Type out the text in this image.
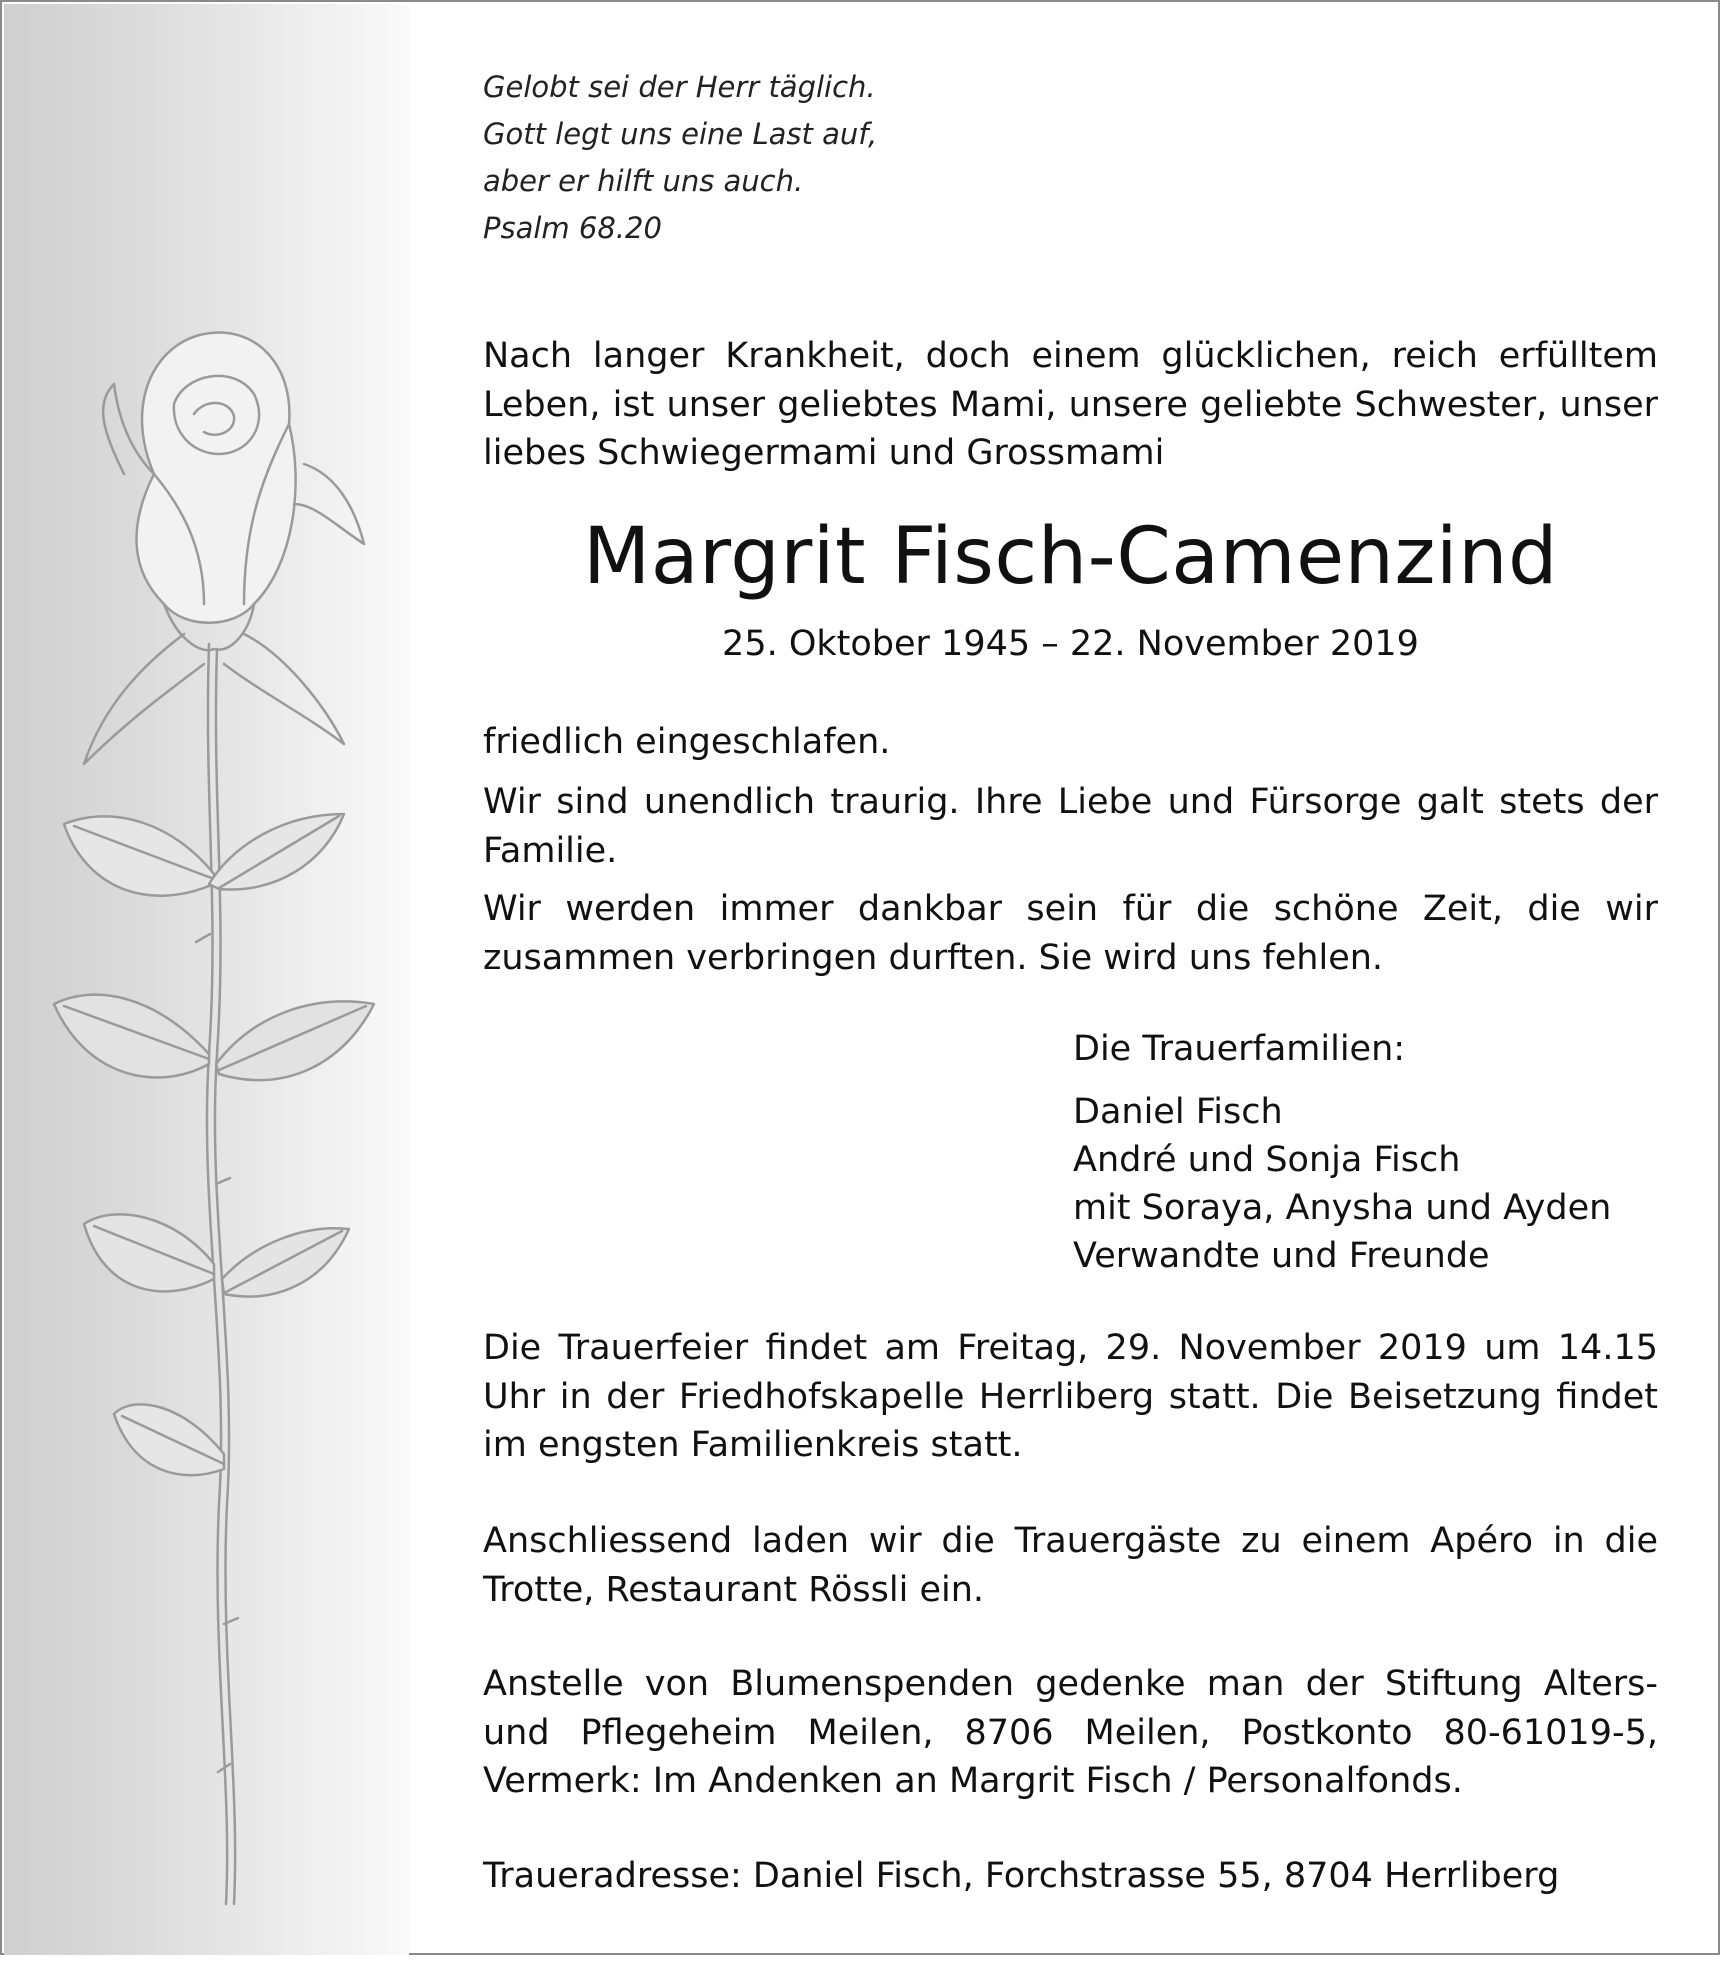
Gelobt sei der Herr täglich.
Gott legt uns eine Last auf,
aber er hilft uns auch.
Psalm 68.20
Nach langer Krankheit, doch einem glücklichen, reich erfülltem Leben, ist unser geliebtes Mami, unsere geliebte Schwester, unser liebes Schwiegermami und Grossmami
Margrit Fisch-Camenzind
25. Oktober 1945 – 22. November 2019
friedlich eingeschlafen.
Wir sind unendlich traurig. Ihre Liebe und Fürsorge galt stets der Familie.
Wir werden immer dankbar sein für die schöne Zeit, die wir zusammen verbringen durften. Sie wird uns fehlen.
Die Trauerfamilien:
Daniel Fisch
André und Sonja Fisch
mit Soraya, Anysha und Ayden
Verwandte und Freunde
Die Trauerfeier findet am Freitag, 29. November 2019 um 14.15 Uhr in der Friedhofskapelle Herrliberg statt. Die Beisetzung findet im engsten Familienkreis statt.
Anschliessend laden wir die Trauergäste zu einem Apéro in die Trotte, Restaurant Rössli ein.
Anstelle von Blumenspenden gedenke man der Stiftung Alters- und Pflegeheim Meilen, 8706 Meilen, Postkonto 80-61019-5, Vermerk: Im Andenken an Margrit Fisch / Personalfonds.
Traueradresse: Daniel Fisch, Forchstrasse 55, 8704 Herrliberg
